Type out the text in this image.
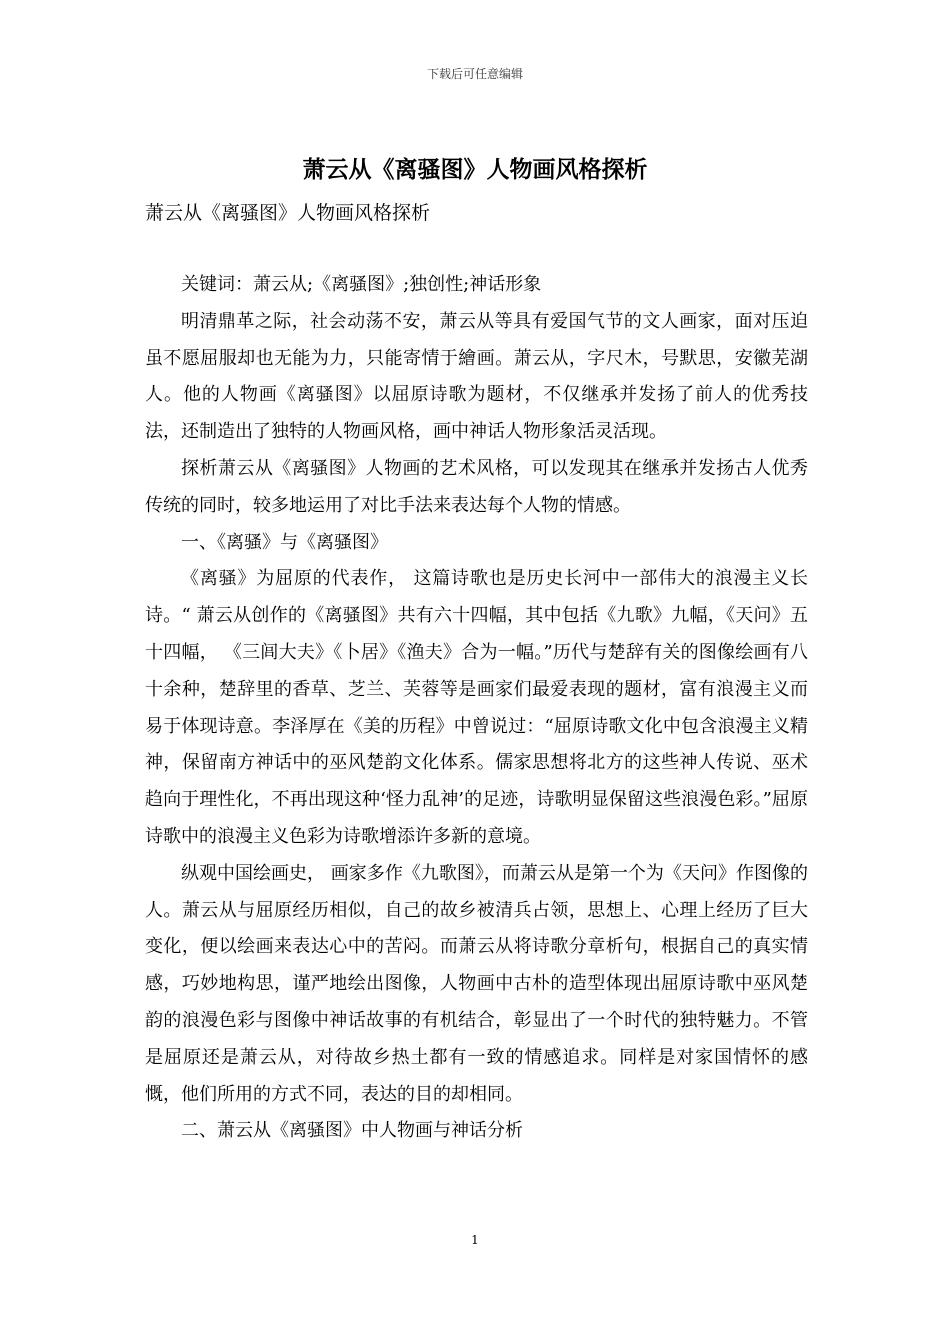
下载后可任意编辑
萧云从《离骚图》人物画风格探析

萧云从《离骚图》人物画风格探析

关键词：萧云从;《离骚图》;独创性;神话形象

明清鼎革之际，社会动荡不安，萧云从等具有爱国气节的文人画家，面对压迫虽不愿屈服却也无能为力，只能寄情于繪画。萧云从，字尺木，号默思，安徽芜湖人。他的人物画《离骚图》以屈原诗歌为题材，不仅继承并发扬了前人的优秀技法，还制造出了独特的人物画风格，画中神话人物形象活灵活现。

探析萧云从《离骚图》人物画的艺术风格，可以发现其在继承并发扬古人优秀传统的同时，较多地运用了对比手法来表达每个人物的情感。

一、《离骚》与《离骚图》

《离骚》为屈原的代表作， 这篇诗歌也是历史长河中一部伟大的浪漫主义长诗。“ 萧云从创作的《离骚图》共有六十四幅，其中包括《九歌》九幅，《天问》五十四幅， 《三闾大夫》《卜居》《渔夫》合为一幅。”历代与楚辞有关的图像绘画有八十余种，楚辞里的香草、芝兰、芙蓉等是画家们最爱表现的题材，富有浪漫主义而易于体现诗意。李泽厚在《美的历程》中曾说过：“屈原诗歌文化中包含浪漫主义精神，保留南方神话中的巫风楚韵文化体系。儒家思想将北方的这些神人传说、巫术趋向于理性化，不再出现这种‘怪力乱神’的足迹，诗歌明显保留这些浪漫色彩。”屈原诗歌中的浪漫主义色彩为诗歌增添许多新的意境。

纵观中国绘画史， 画家多作《九歌图》，而萧云从是第一个为《天问》作图像的人。萧云从与屈原经历相似，自己的故乡被清兵占领，思想上、心理上经历了巨大变化，便以绘画来表达心中的苦闷。而萧云从将诗歌分章析句，根据自己的真实情感，巧妙地构思，谨严地绘出图像，人物画中古朴的造型体现出屈原诗歌中巫风楚韵的浪漫色彩与图像中神话故事的有机结合，彰显出了一个时代的独特魅力。不管是屈原还是萧云从，对待故乡热土都有一致的情感追求。同样是对家国情怀的感慨，他们所用的方式不同，表达的目的却相同。

二、萧云从《离骚图》中人物画与神话分析

1
